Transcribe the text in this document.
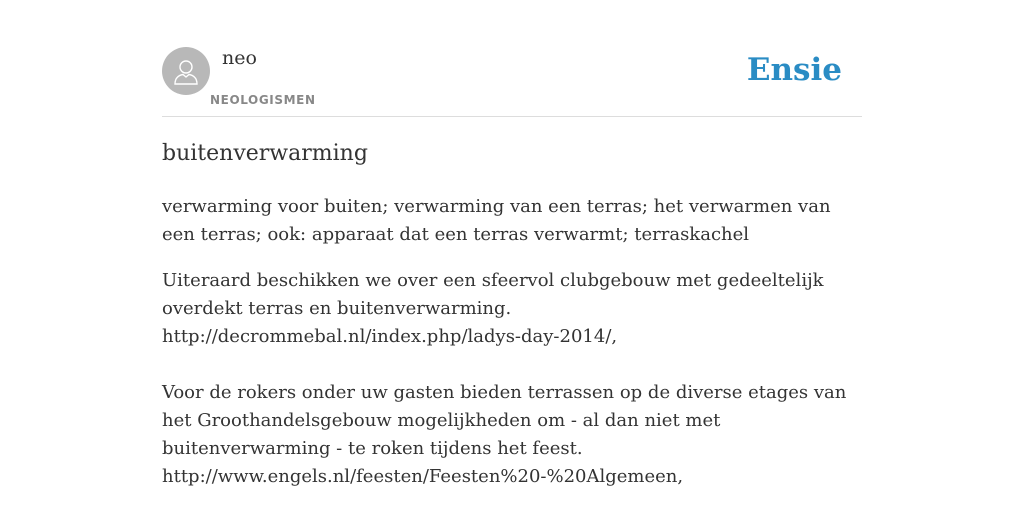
neo
NEOLOGISMEN
Ensie
buitenverwarming

verwarming voor buiten; verwarming van een terras; het verwarmen van een terras; ook: apparaat dat een terras verwarmt; terraskachel

Uiteraard beschikken we over een sfeervol clubgebouw met gedeeltelijk overdekt terras en buitenverwarming.
http://decrommebal.nl/index.php/ladys-day-2014/,
Voor de rokers onder uw gasten bieden terrassen op de diverse etages van het Groothandelsgebouw mogelijkheden om - al dan niet met buitenverwarming - te roken tijdens het feest.
http://www.engels.nl/feesten/Feesten%20-%20Algemeen,
